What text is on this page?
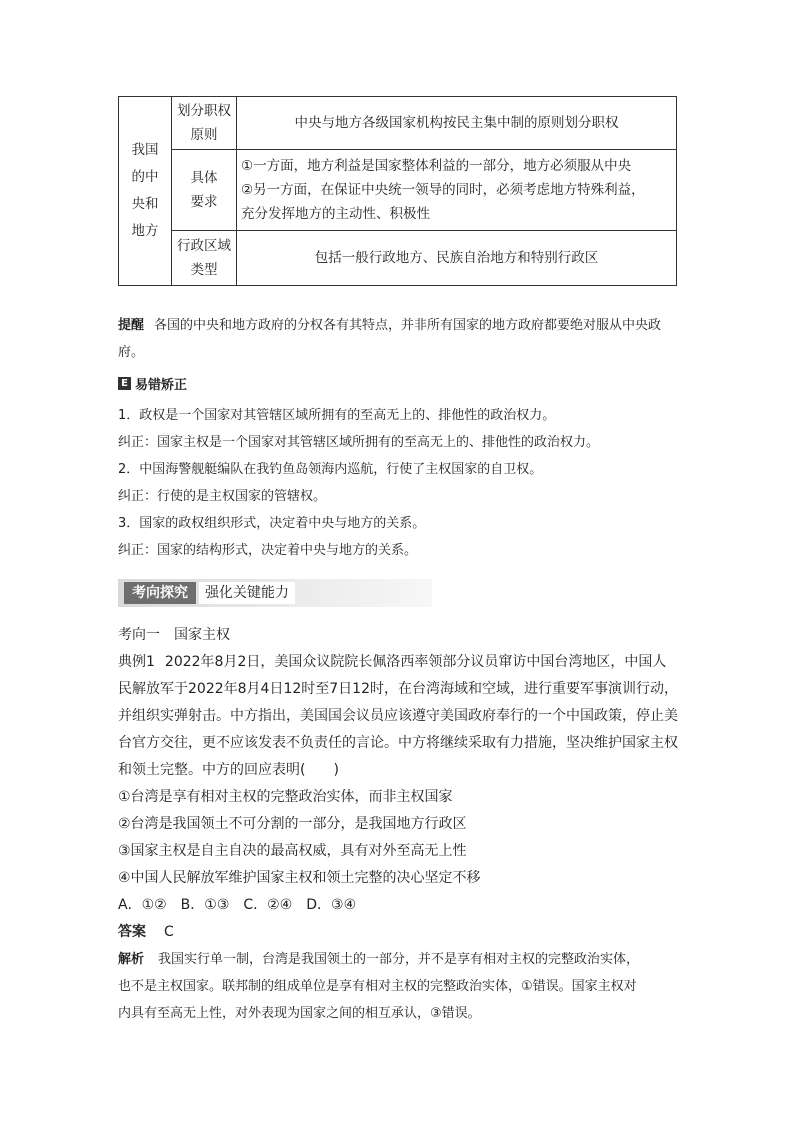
我国的中央和地方	划分职权原则	中央与地方各级国家机构按民主集中制的原则划分职权
	具体要求	①一方面，地方利益是国家整体利益的一部分，地方必须服从中央
②另一方面，在保证中央统一领导的同时，必须考虑地方特殊利益，
充分发挥地方的主动性、积极性

	行政区域类型	包括一般行政地方、民族自治地方和特别行政区
提醒 各国的中央和地方政府的分权各有其特点，并非所有国家的地方政府都要绝对服从中央政府。
E 易错矫正
1．政权是一个国家对其管辖区域所拥有的至高无上的、排他性的政治权力。
纠正：国家主权是一个国家对其管辖区域所拥有的至高无上的、排他性的政治权力。
2．中国海警舰艇编队在我钓鱼岛领海内巡航，行使了主权国家的自卫权。
纠正：行使的是主权国家的管辖权。
3．国家的政权组织形式，决定着中央与地方的关系。
纠正：国家的结构形式，决定着中央与地方的关系。
考向探究	强化关键能力
考向一　国家主权
典例1 2022年8月2日，美国众议院院长佩洛西率领部分议员窜访中国台湾地区，中国人
民解放军于2022年8月4日12时至7日12时，在台湾海域和空域，进行重要军事演训行动，
并组织实弹射击。中方指出，美国国会议员应该遵守美国政府奉行的一个中国政策，停止美
台官方交往，更不应该发表不负责任的言论。中方将继续采取有力措施，坚决维护国家主权
和领土完整。中方的回应表明(　　)
①台湾是享有相对主权的完整政治实体，而非主权国家
②台湾是我国领土不可分割的一部分，是我国地方行政区
③国家主权是自主自决的最高权威，具有对外至高无上性
④中国人民解放军维护国家主权和领土完整的决心坚定不移
A．①②　B．①③　C．②④　D．③④
答案 C
解析 我国实行单一制，台湾是我国领土的一部分，并不是享有相对主权的完整政治实体，
也不是主权国家。联邦制的组成单位是享有相对主权的完整政治实体，①错误。国家主权对
内具有至高无上性，对外表现为国家之间的相互承认，③错误。
